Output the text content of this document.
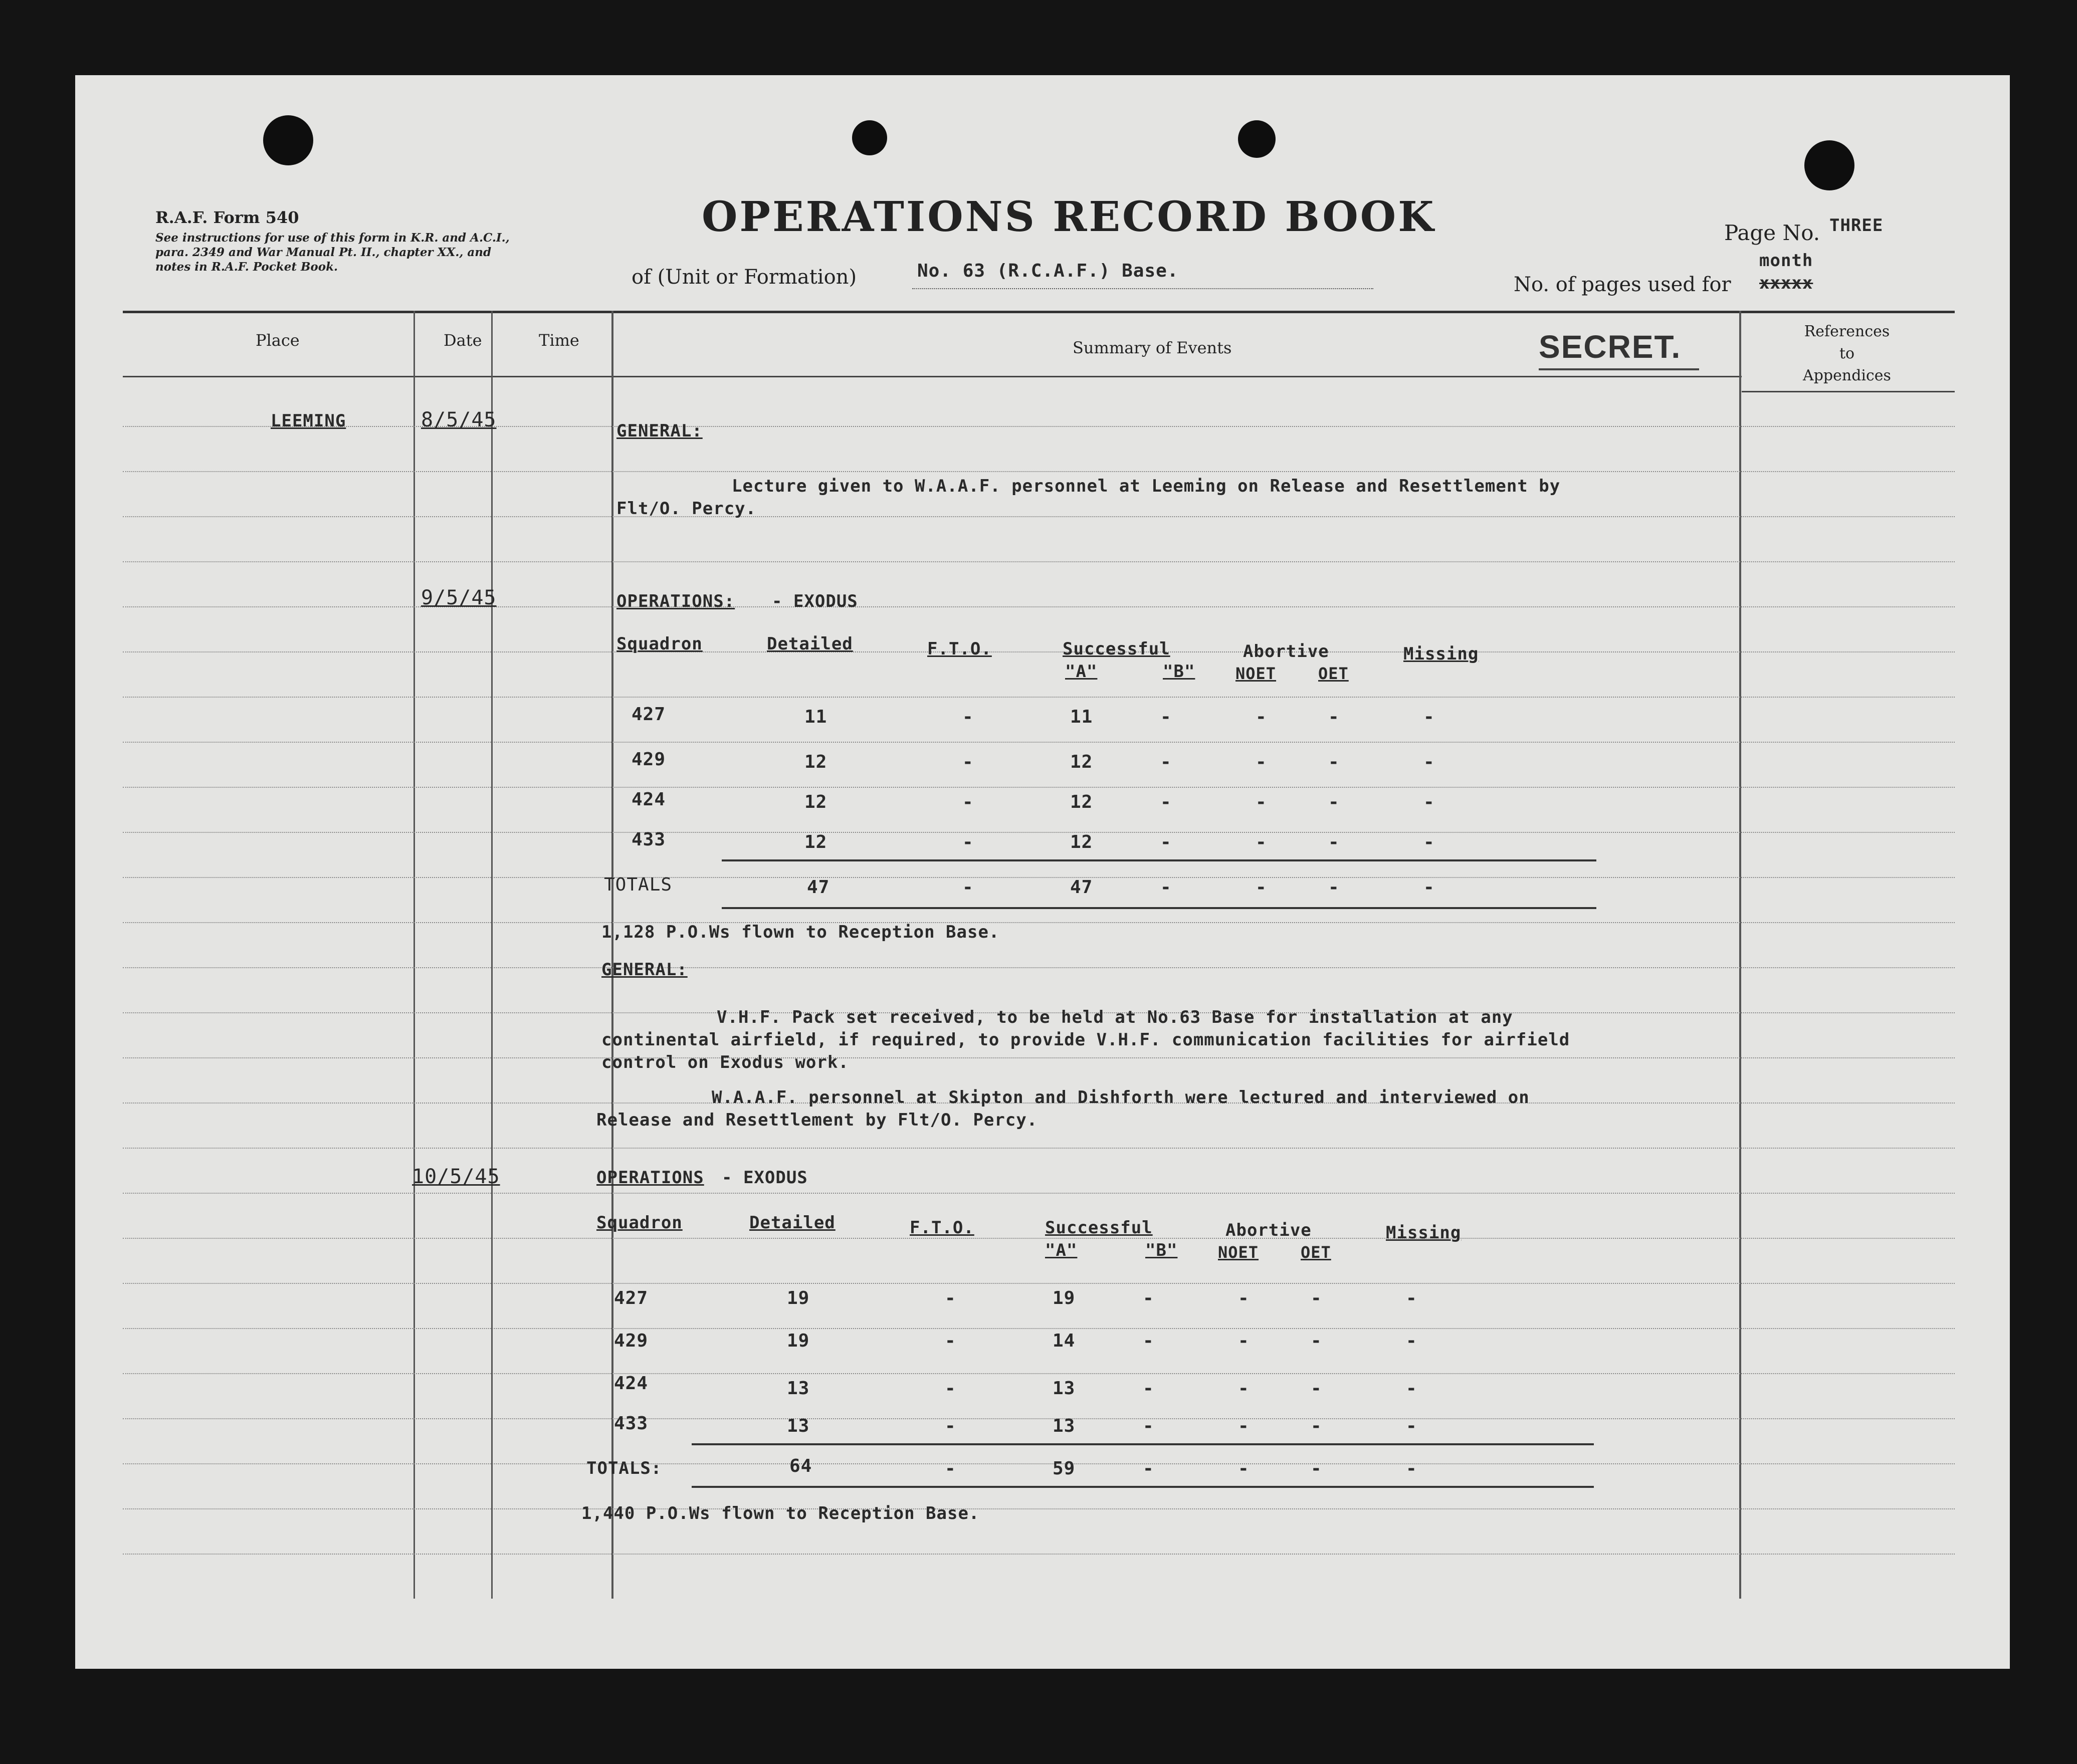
R.A.F. Form 540
See instructions for use of this form in K.R. and A.C.I.,
para. 2349 and War Manual Pt. II., chapter XX., and
notes in R.A.F. Pocket Book.
OPERATIONS RECORD BOOK
of (Unit or Formation)	No. 63 (R.C.A.F.) Base.
Page No. THREE
month
No. of pages used for xxxxx
Place	Date	Time	Summary of Events	SECRET.	References
to
Appendices
LEEMING	8/5/45	GENERAL:
Lecture given to W.A.A.F. personnel at Leeming on Release and Resettlement by
Flt/O. Percy.
9/5/45	OPERATIONS: - EXODUS
Squadron	Detailed	F.T.O.	Successful
"A"	"B"
Abortive
NOET	OET
Missing
427	11	-	11	-	-	-	-
429	12	-	12	-	-	-	-
424	12	-	12	-	-	-	-
433	12	-	12	-	-	-	-
TOTALS	47	-	47	-	-	-	-
1,128 P.O.Ws flown to Reception Base.
GENERAL:
V.H.F. Pack set received, to be held at No.63 Base for installation at any
continental airfield, if required, to provide V.H.F. communication facilities for airfield
control on Exodus work.
W.A.A.F. personnel at Skipton and Dishforth were lectured and interviewed on
Release and Resettlement by Flt/O. Percy.
10/5/45	OPERATIONS - EXODUS
Squadron	Detailed	F.T.O.	Successful
"A"	"B"
Abortive
NOET	OET
Missing
427	19	-	19	-	-	-	-
429	19	-	14	-	-	-	-
424	13	-	13	-	-	-	-
433	13	-	13	-	-	-	-
TOTALS:	64	-	59	-	-	-	-
1,440 P.O.Ws flown to Reception Base.
